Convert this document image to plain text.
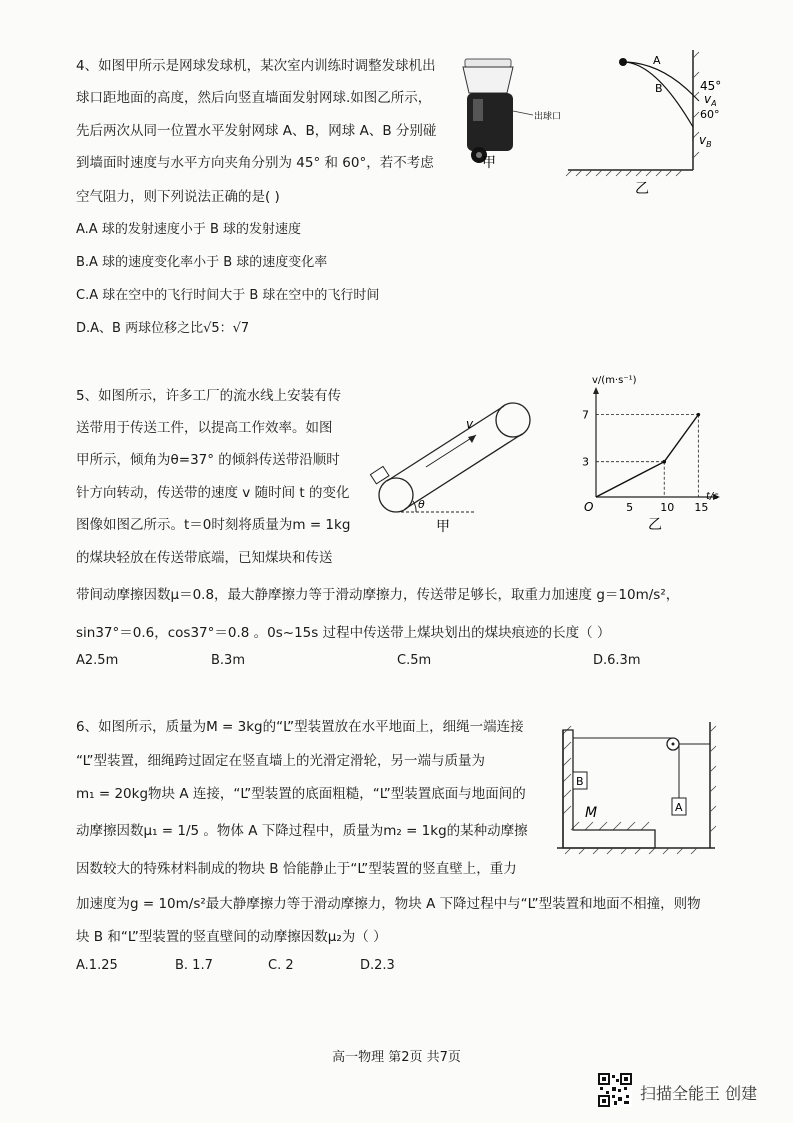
4、如图甲所示是网球发球机，某次室内训练时调整发球机出
球口距地面的高度，然后向竖直墙面发射网球.如图乙所示，
先后两次从同一位置水平发射网球 A、B，网球 A、B 分别碰
到墙面时速度与水平方向夹角分别为 45° 和 60°，若不考虑
空气阻力，则下列说法正确的是( )
A.A 球的发射速度小于 B 球的发射速度
B.A 球的速度变化率小于 B 球的速度变化率
C.A 球在空中的飞行时间大于 B 球在空中的飞行时间
D.A、B 两球位移之比√5：√7
出球口
甲
A
B	45°
60°
$v_A$
$v_B$
乙
5、如图所示，许多工厂的流水线上安装有传
送带用于传送工件，以提高工作效率。如图
甲所示，倾角为θ=37° 的倾斜传送带沿顺时
针方向转动，传送带的速度 v 随时间 t 的变化
图像如图乙所示。t＝0时刻将质量为m = 1kg
的煤块轻放在传送带底端，已知煤块和传送
带间动摩擦因数μ＝0.8，最大静摩擦力等于滑动摩擦力，传送带足够长，取重力加速度 g＝10m/s²，
sin37°＝0.6，cos37°＝0.8 。0s~15s 过程中传送带上煤块划出的煤块痕迹的长度（ ）
A2.5m	B.3m	C.5m	D.6.3m
v
θ
甲
v/(m·s⁻¹)
t/s
O	5 10 15
3
7
乙
6、如图所示，质量为M = 3kg的“L”型装置放在水平地面上，细绳一端连接
“L”型装置，细绳跨过固定在竖直墙上的光滑定滑轮，另一端与质量为
m₁ = 20kg物块 A 连接，“L”型装置的底面粗糙，“L”型装置底面与地面间的
动摩擦因数μ₁ = 1/5 。物体 A 下降过程中，质量为m₂ = 1kg的某种动摩擦
因数较大的特殊材料制成的物块 B 恰能静止于“L”型装置的竖直壁上，重力
加速度为g = 10m/s²最大静摩擦力等于滑动摩擦力，物块 A 下降过程中与“L”型装置和地面不相撞，则物
块 B 和“L”型装置的竖直壁间的动摩擦因数μ₂为（ ）
A.1.25	B. 1.7	C. 2	D.2.3
A
B
M
高一物理 第2页 共7页
扫描全能王 创建
